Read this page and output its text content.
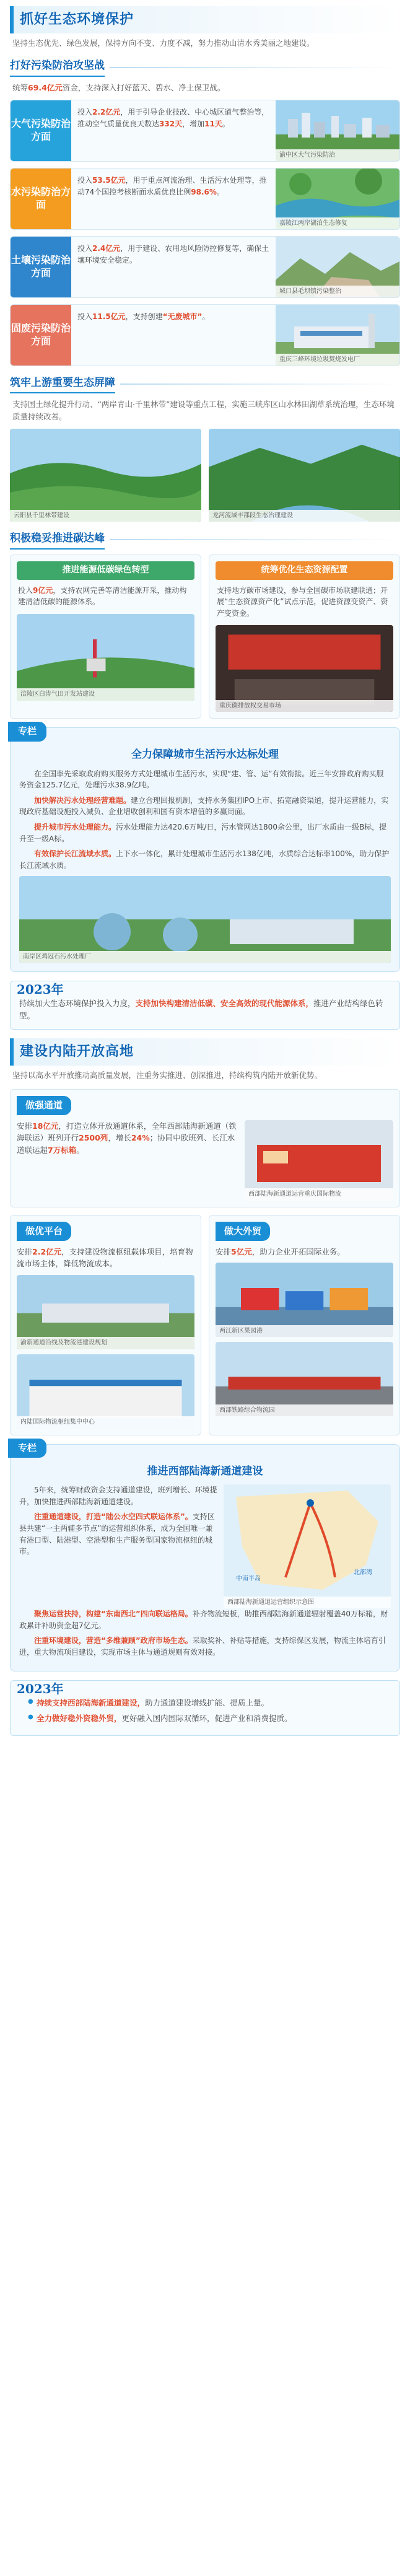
抓好生态环境保护

坚持生态优先、绿色发展，保持方向不变、力度不减，努力推动山清水秀美丽之地建设。

打好污染防治攻坚战

统筹69.4亿元资金，支持深入打好蓝天、碧水、净土保卫战。

大气污染防治方面
投入2.2亿元，用于引导企业技改、中心城区道气整治等，推动空气质量优良天数达332天，增加11天。
渝中区大气污染防治
水污染防治方面
投入53.5亿元，用于重点河流治理、生活污水处理等，推动74个国控考核断面水质优良比例98.6%。
嘉陵江两岸湖泊生态修复
土壤污染防治方面
投入2.4亿元，用于建设、农用地风险防控修复等，确保土壤环境安全稳定。
城口县毛坝镇污染整治
固废污染防治方面
投入11.5亿元，支持创建“无废城市”。
重庆三峰环境垃圾焚烧发电厂
筑牢上游重要生态屏障

支持国土绿化提升行动、“两岸青山·千里林带”建设等重点工程，实施三峡库区山水林田湖草系统治理，生态环境质量持续改善。

云阳县千里林带建设	龙河流域丰都段生态治理建设
积极稳妥推进碳达峰
推进能源低碳绿色转型

投入9亿元，支持农网完善等清洁能源开采，推动构建清洁低碳的能源体系。

涪陵区白涛气田开发站建设
统筹优化生态资源配置

支持地方碳市场建设，参与全国碳市场联建联通；开展“生态资源资产化”试点示范，促进资源变资产、资产变资金。

重庆碳排放权交易市场
专栏
全力保障城市生活污水达标处理

在全国率先采取政府购买服务方式处理城市生活污水，实现“建、管、运”有效衔接。近三年安排政府购买服务资金125.7亿元，处理污水38.9亿吨。

加快解决污水处理经营难题。建立合理回报机制，支持水务集团IPO上市、拓宽融资渠道，提升运营能力，实现政府基础设施投入减负、企业增收创利和国有资本增值的多赢局面。

提升城市污水处理能力。污水处理能力达420.6万吨/日，污水管网达1800余公里，出厂水质由一级B标，提升至一级A标。

有效保护长江流域水质。上下水一体化，累计处理城市生活污水138亿吨，水质综合达标率100%，助力保护长江流域水质。

南岸区鸡冠石污水处理厂
2023年

持续加大生态环境保护投入力度，支持加快构建清洁低碳、安全高效的现代能源体系，推进产业结构绿色转型。

建设内陆开放高地

坚持以高水平开放推动高质量发展，注重务实推进、创深推进，持续构筑内陆开放新优势。

做强通道

安排18亿元，打造立体开放通道体系，全年西部陆海新通道（铁海联运）班列开行2500列，增长24%；协同中欧班列、长江水道联运超7万标箱。

西部陆海新通道运营重庆国际物流
做优平台

安排2.2亿元，支持建设物流枢纽载体项目，培育物流市场主体，降低物流成本。

渝新通道沿线及物流港建设规划
内陆国际物流枢纽集中中心
做大外贸

安排5亿元，助力企业开拓国际业务。

两江新区果园港
西部铁路综合物流园
专栏
推进西部陆海新通道建设

5年来，统筹财政资金支持通道建设，班列增长、环境提升，加快推进西部陆海新通道建设。

注重通道建设，打造“陆公水空四式联运体系”。支持区县共建“一主两辅多节点”的运营组织体系，成为全国唯一兼有港口型、陆港型、空港型和生产服务型国家物流枢纽的城市。

中南半岛
北部湾
西部陆海新通道运营组织示意图

聚焦运营扶持，构建“东南西北”四向联运格局。补齐物流短板，助推西部陆海新通道辐射覆盖40万标箱，财政累计补助资金超7亿元。

注重环境建设，营造“多维兼顾”政府市场生态。采取奖补、补贴等措施，支持综保区发展，物流主体培育引进，重大物流项目建设，实现市场主体与通道规则有效对接。

2023年
● 持续支持西部陆海新通道建设，助力通道建设增线扩能、提质上量。
● 全力做好稳外资稳外贸，更好融入国内国际双循环，促进产业和消费提质。
